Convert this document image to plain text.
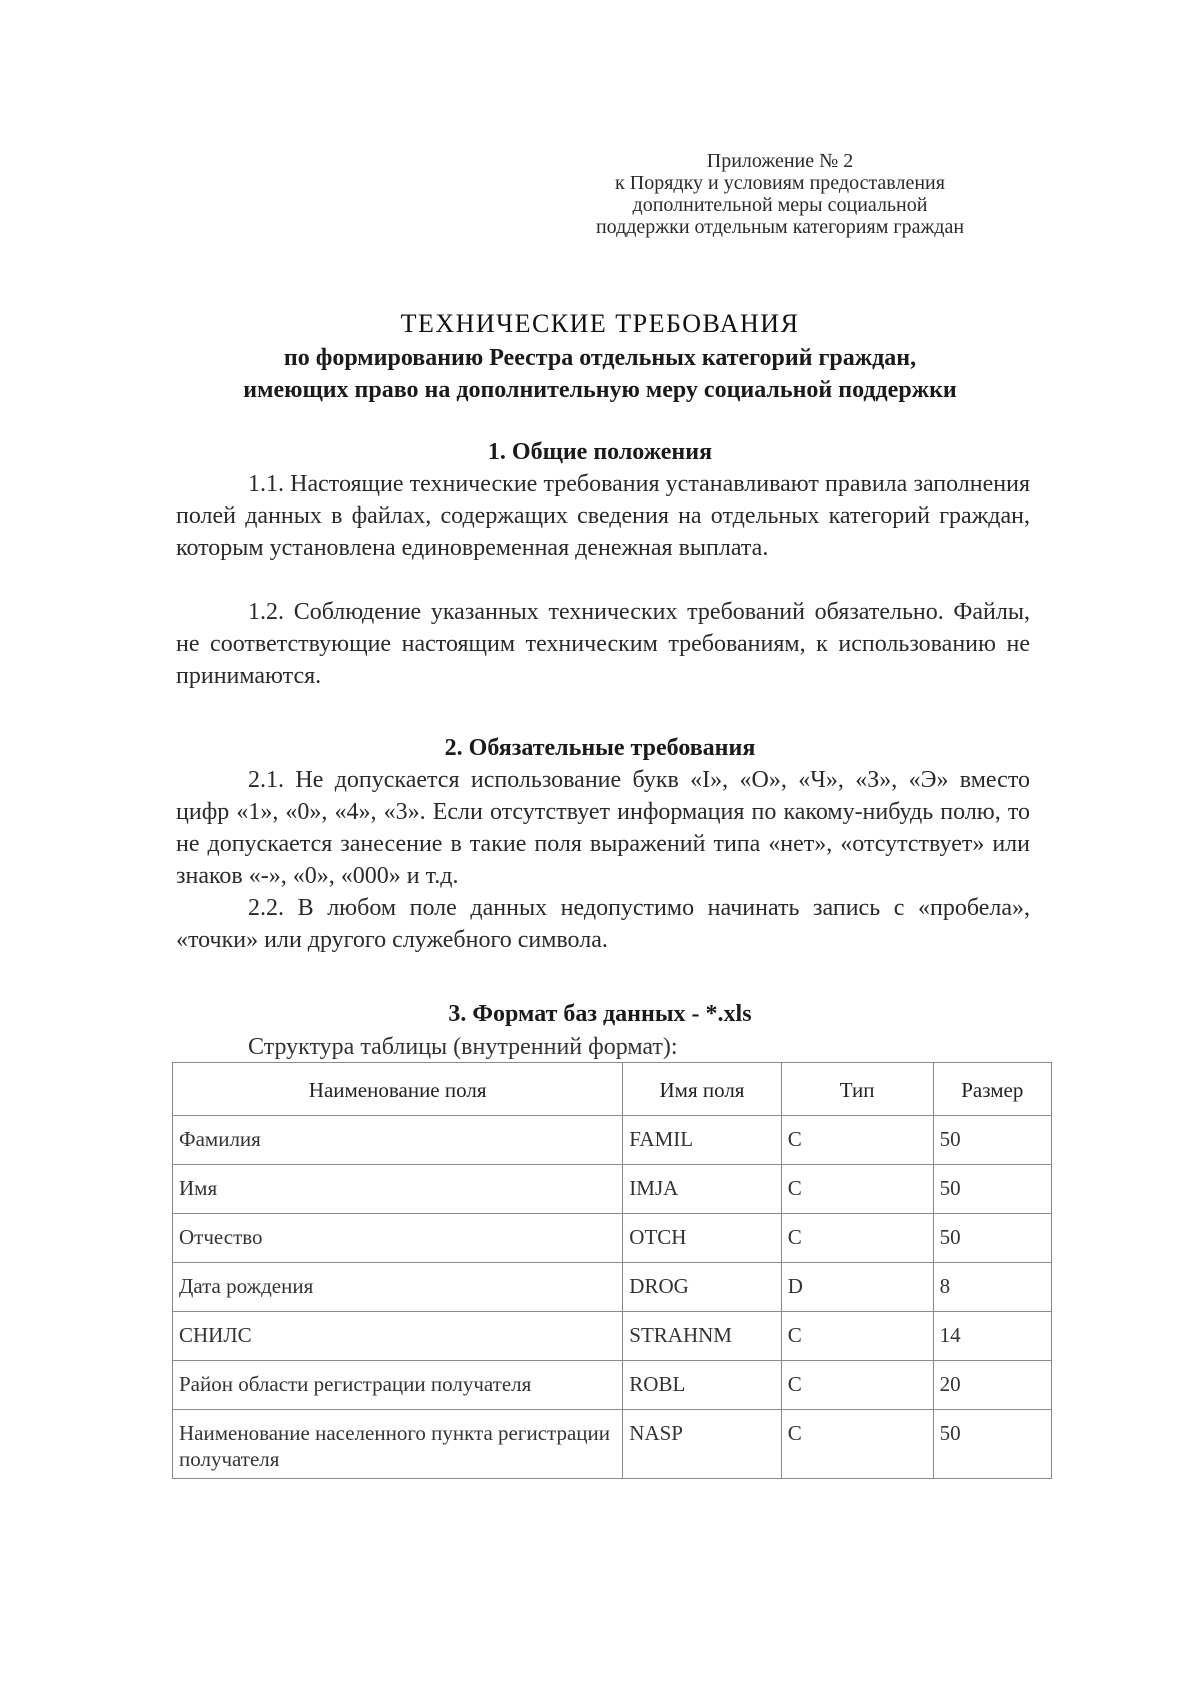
Приложение № 2
к Порядку и условиям предоставления
дополнительной меры социальной
поддержки отдельным категориям граждан
ТЕХНИЧЕСКИЕ ТРЕБОВАНИЯ
по формированию Реестра отдельных категорий граждан,
имеющих право на дополнительную меру социальной поддержки
1. Общие положения
1.1. Настоящие технические требования устанавливают правила заполнения полей данных в файлах, содержащих сведения на отдельных категорий граждан, которым установлена единовременная денежная выплата.
1.2. Соблюдение указанных технических требований обязательно. Файлы, не соответствующие настоящим техническим требованиям, к использованию не принимаются.
2. Обязательные требования
2.1. Не допускается использование букв «I», «О», «Ч», «З», «Э» вместо цифр «1», «0», «4», «3». Если отсутствует информация по какому-нибудь полю, то не допускается занесение в такие поля выражений типа «нет», «отсутствует» или знаков «-», «0», «000» и т.д.
2.2. В любом поле данных недопустимо начинать запись с «пробела», «точки» или другого служебного символа.
3. Формат баз данных - *.xls
Структура таблицы (внутренний формат):
Наименование поля	Имя поля	Тип	Размер
Фамилия	FAMIL	C	50
Имя	IMJA	C	50
Отчество	OTCH	C	50
Дата рождения	DROG	D	8
СНИЛС	STRAHNM	C	14
Район области регистрации получателя	ROBL	C	20
Наименование населенного пункта регистрации получателя	NASP	C	50
